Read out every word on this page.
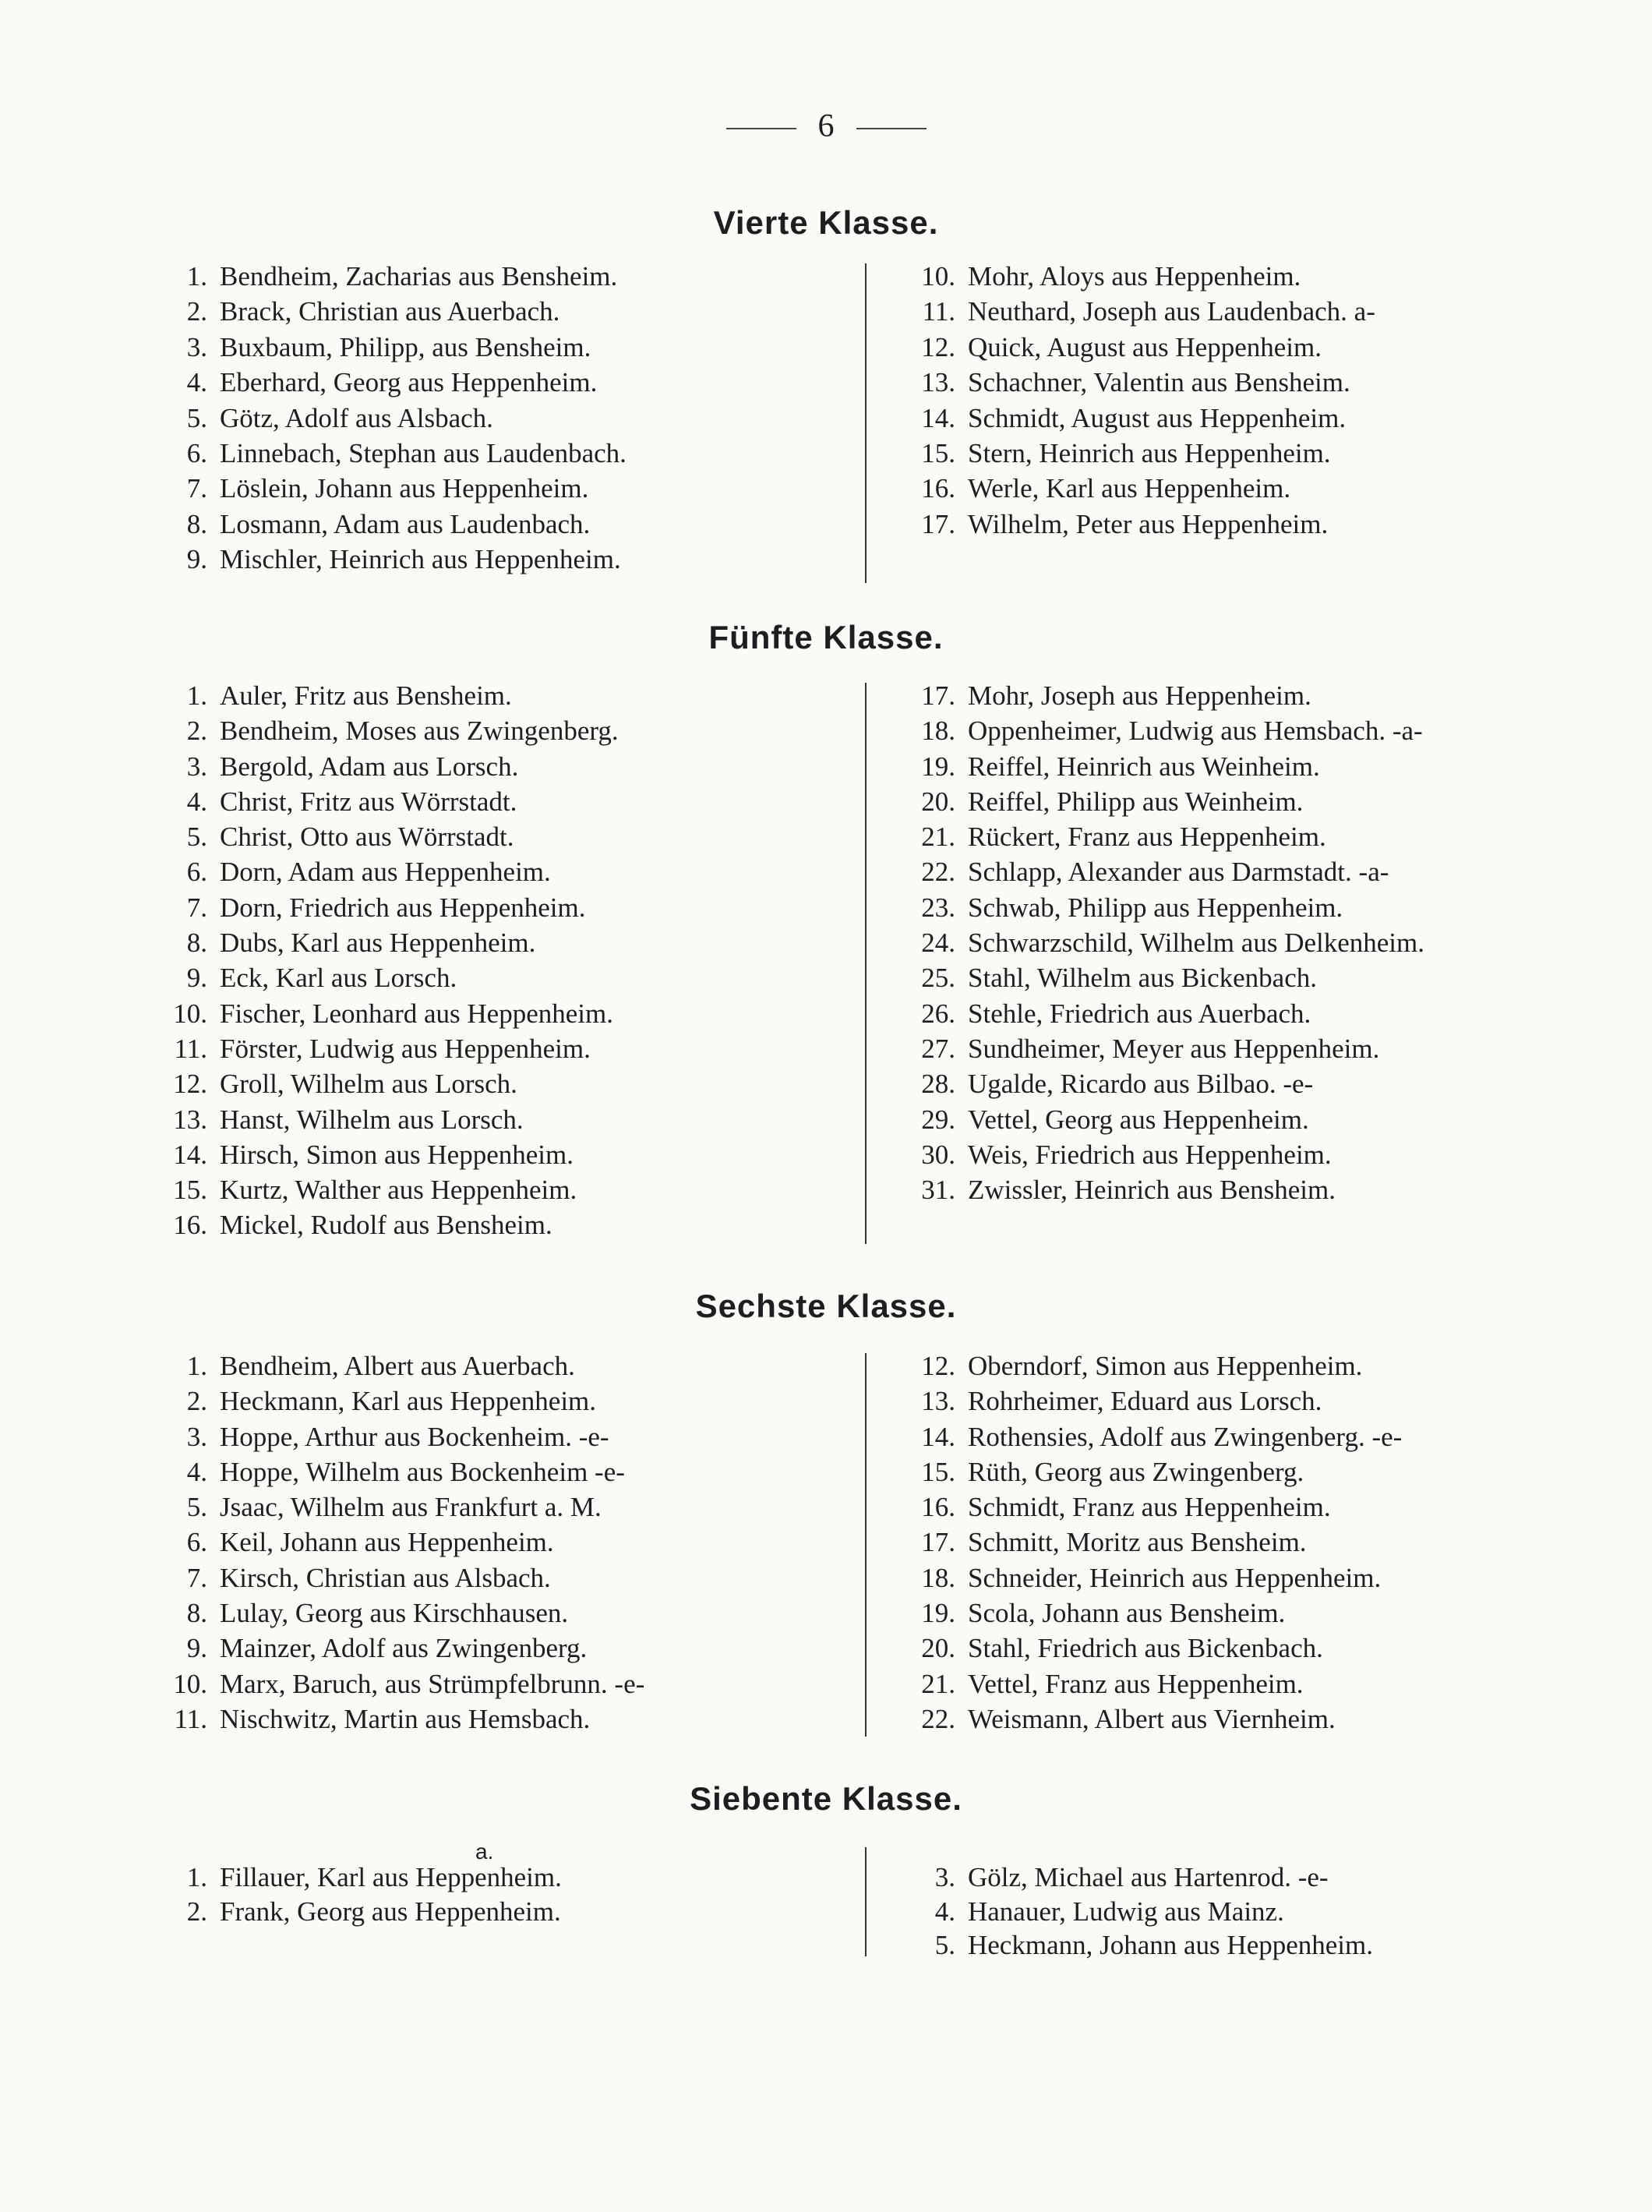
6
Vierte Klasse.
1. Bendheim, Zacharias aus Bensheim.
2. Brack, Christian aus Auerbach.
3. Buxbaum, Philipp, aus Bensheim.
4. Eberhard, Georg aus Heppenheim.
5. Götz, Adolf aus Alsbach.
6. Linnebach, Stephan aus Laudenbach.
7. Löslein, Johann aus Heppenheim.
8. Losmann, Adam aus Laudenbach.
9. Mischler, Heinrich aus Heppenheim.
10. Mohr, Aloys aus Heppenheim.
11. Neuthard, Joseph aus Laudenbach. a-
12. Quick, August aus Heppenheim.
13. Schachner, Valentin aus Bensheim.
14. Schmidt, August aus Heppenheim.
15. Stern, Heinrich aus Heppenheim.
16. Werle, Karl aus Heppenheim.
17. Wilhelm, Peter aus Heppenheim.
Fünfte Klasse.
1. Auler, Fritz aus Bensheim.
2. Bendheim, Moses aus Zwingenberg.
3. Bergold, Adam aus Lorsch.
4. Christ, Fritz aus Wörrstadt.
5. Christ, Otto aus Wörrstadt.
6. Dorn, Adam aus Heppenheim.
7. Dorn, Friedrich aus Heppenheim.
8. Dubs, Karl aus Heppenheim.
9. Eck, Karl aus Lorsch.
10. Fischer, Leonhard aus Heppenheim.
11. Förster, Ludwig aus Heppenheim.
12. Groll, Wilhelm aus Lorsch.
13. Hanst, Wilhelm aus Lorsch.
14. Hirsch, Simon aus Heppenheim.
15. Kurtz, Walther aus Heppenheim.
16. Mickel, Rudolf aus Bensheim.
17. Mohr, Joseph aus Heppenheim.
18. Oppenheimer, Ludwig aus Hemsbach. -a-
19. Reiffel, Heinrich aus Weinheim.
20. Reiffel, Philipp aus Weinheim.
21. Rückert, Franz aus Heppenheim.
22. Schlapp, Alexander aus Darmstadt. -a-
23. Schwab, Philipp aus Heppenheim.
24. Schwarzschild, Wilhelm aus Delkenheim.
25. Stahl, Wilhelm aus Bickenbach.
26. Stehle, Friedrich aus Auerbach.
27. Sundheimer, Meyer aus Heppenheim.
28. Ugalde, Ricardo aus Bilbao. -e-
29. Vettel, Georg aus Heppenheim.
30. Weis, Friedrich aus Heppenheim.
31. Zwissler, Heinrich aus Bensheim.
Sechste Klasse.
1. Bendheim, Albert aus Auerbach.
2. Heckmann, Karl aus Heppenheim.
3. Hoppe, Arthur aus Bockenheim. -e-
4. Hoppe, Wilhelm aus Bockenheim -e-
5. Jsaac, Wilhelm aus Frankfurt a. M.
6. Keil, Johann aus Heppenheim.
7. Kirsch, Christian aus Alsbach.
8. Lulay, Georg aus Kirschhausen.
9. Mainzer, Adolf aus Zwingenberg.
10. Marx, Baruch, aus Strümpfelbrunn. -e-
11. Nischwitz, Martin aus Hemsbach.
12. Oberndorf, Simon aus Heppenheim.
13. Rohrheimer, Eduard aus Lorsch.
14. Rothensies, Adolf aus Zwingenberg. -e-
15. Rüth, Georg aus Zwingenberg.
16. Schmidt, Franz aus Heppenheim.
17. Schmitt, Moritz aus Bensheim.
18. Schneider, Heinrich aus Heppenheim.
19. Scola, Johann aus Bensheim.
20. Stahl, Friedrich aus Bickenbach.
21. Vettel, Franz aus Heppenheim.
22. Weismann, Albert aus Viernheim.
Siebente Klasse.
a.
1. Fillauer, Karl aus Heppenheim.
2. Frank, Georg aus Heppenheim.
3. Gölz, Michael aus Hartenrod. -e-
4. Hanauer, Ludwig aus Mainz.
5. Heckmann, Johann aus Heppenheim.
